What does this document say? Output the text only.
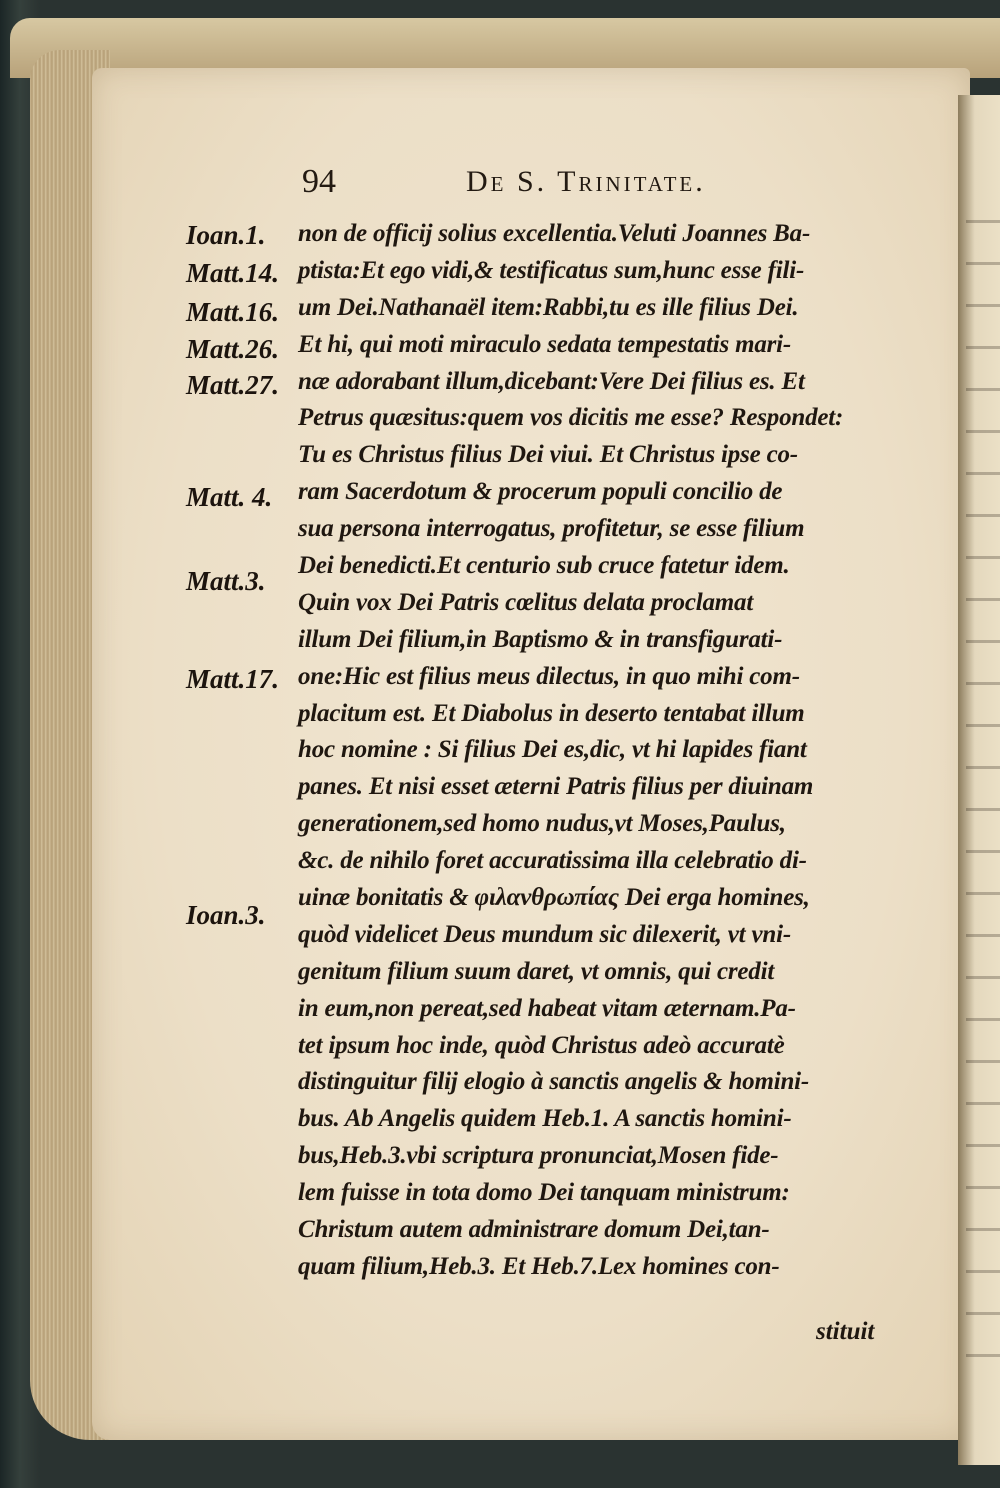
94	De S. Trinitate.
Ioan.1.
Matt.14.
Matt.16.
Matt.26.
Matt.27.
Matt. 4.
Matt.3.
Matt.17.
Ioan.3.
non de officij solius excellentia.Veluti Joannes Ba-
ptista:Et ego vidi,& testificatus sum,hunc esse fili-
um Dei.Nathanaël item:Rabbi,tu es ille filius Dei.
Et hi, qui moti miraculo sedata tempestatis mari-
næ adorabant illum,dicebant:Vere Dei filius es. Et
Petrus quæsitus:quem vos dicitis me esse? Respondet:
Tu es Christus filius Dei viui. Et Christus ipse co-
ram Sacerdotum & procerum populi concilio de
sua persona interrogatus, profitetur, se esse filium
Dei benedicti.Et centurio sub cruce fatetur idem.
Quin vox Dei Patris cœlitus delata proclamat
illum Dei filium,in Baptismo & in transfigurati-
one:Hic est filius meus dilectus, in quo mihi com-
placitum est. Et Diabolus in deserto tentabat illum
hoc nomine : Si filius Dei es,dic, vt hi lapides fiant
panes. Et nisi esset æterni Patris filius per diuinam
generationem,sed homo nudus,vt Moses,Paulus,
&c. de nihilo foret accuratissima illa celebratio di-
uinæ bonitatis & φιλανθρωπίας Dei erga homines,
quòd videlicet Deus mundum sic dilexerit, vt vni-
genitum filium suum daret, vt omnis, qui credit
in eum,non pereat,sed habeat vitam æternam.Pa-
tet ipsum hoc inde, quòd Christus adeò accuratè
distinguitur filij elogio à sanctis angelis & homini-
bus. Ab Angelis quidem Heb.1. A sanctis homini-
bus,Heb.3.vbi scriptura pronunciat,Mosen fide-
lem fuisse in tota domo Dei tanquam ministrum:
Christum autem administrare domum Dei,tan-
quam filium,Heb.3. Et Heb.7.Lex homines con-
stituit
